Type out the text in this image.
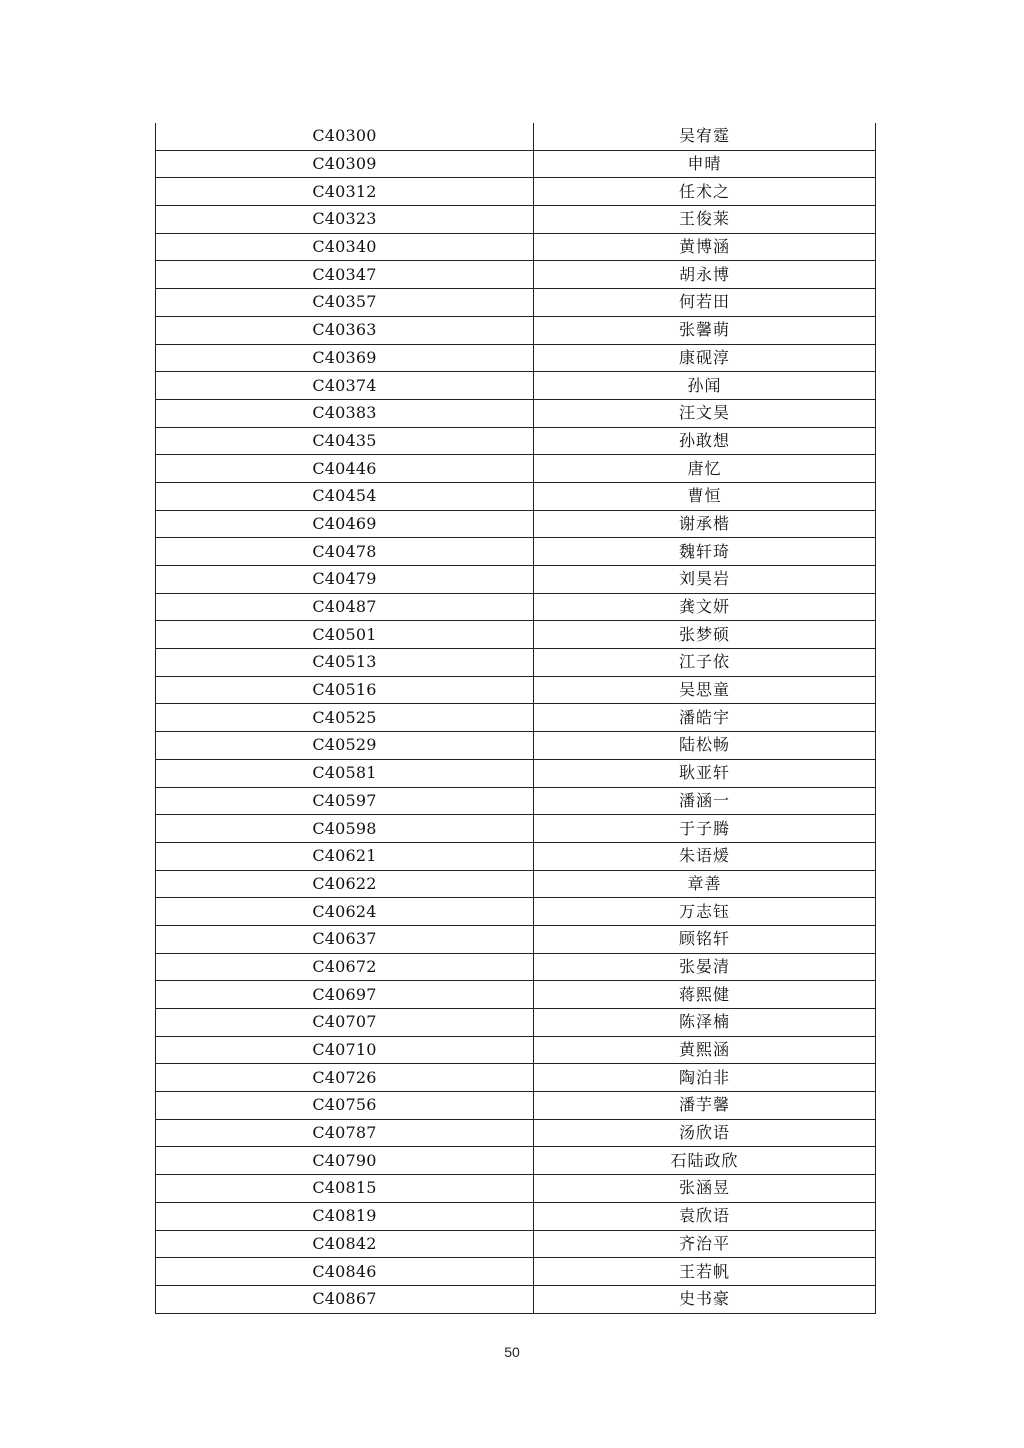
C40300	吴宥霆
C40309	申晴
C40312	任术之
C40323	王俊莱
C40340	黄博涵
C40347	胡永博
C40357	何若田
C40363	张馨萌
C40369	康砚淳
C40374	孙闻
C40383	汪文昊
C40435	孙敢想
C40446	唐忆
C40454	曹恒
C40469	谢承楷
C40478	魏轩琦
C40479	刘昊岩
C40487	龚文妍
C40501	张梦硕
C40513	江子依
C40516	吴思童
C40525	潘皓宇
C40529	陆松畅
C40581	耿亚轩
C40597	潘涵一
C40598	于子腾
C40621	朱语煖
C40622	章善
C40624	万志钰
C40637	顾铭轩
C40672	张晏清
C40697	蒋熙健
C40707	陈泽楠
C40710	黄熙涵
C40726	陶泊非
C40756	潘芋馨
C40787	汤欣语
C40790	石陆政欣
C40815	张涵昱
C40819	袁欣语
C40842	齐治平
C40846	王若帆
C40867	史书豪
50
